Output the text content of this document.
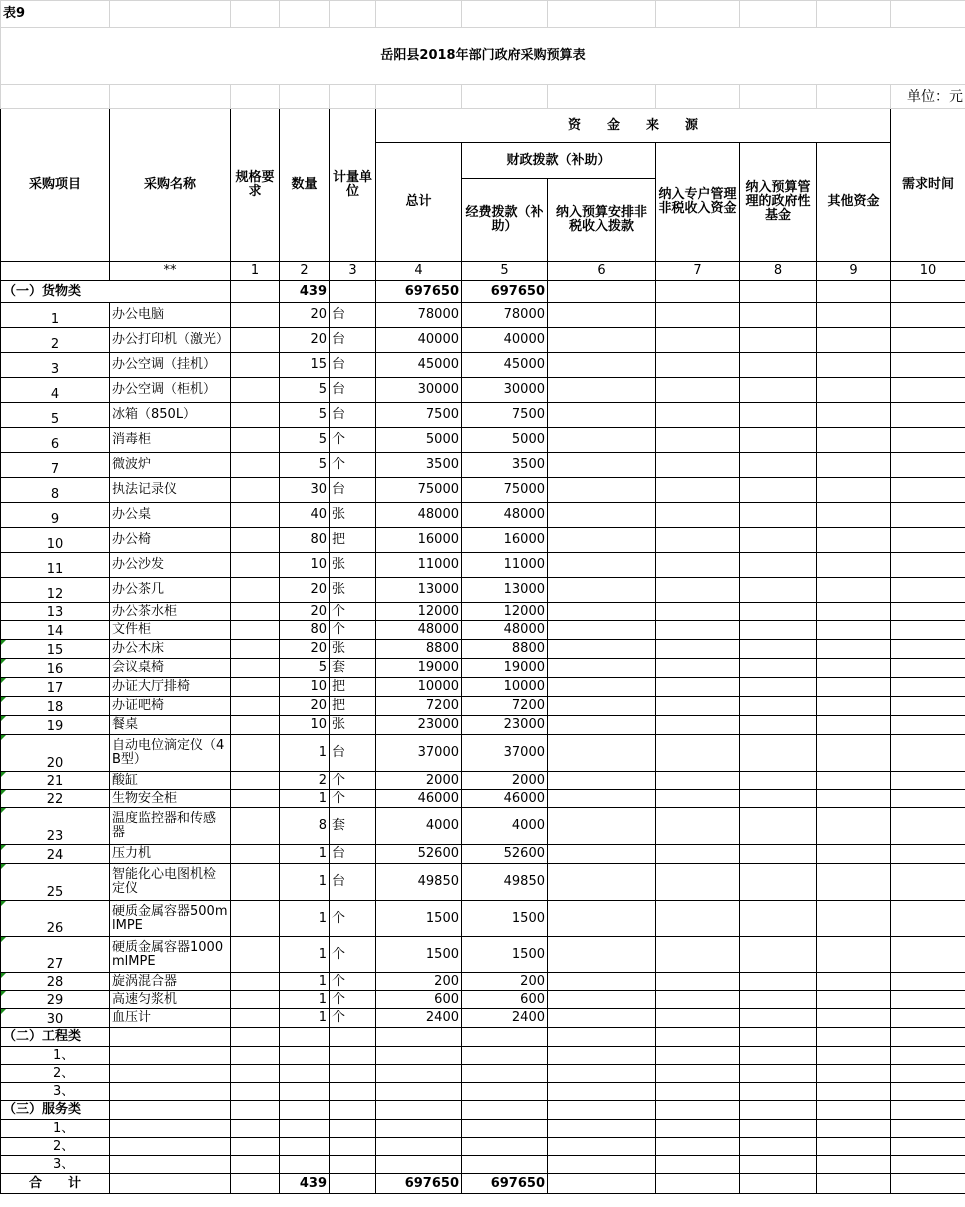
表9											
岳阳县2018年部门政府采购预算表											
											单位：元
采购项目	采购名称	规格要求	数量	计量单位	资　　金　　来　　源						需求时间
					总计	财政拨款（补助）		纳入专户管理非税收入资金	纳入预算管理的政府性基金	其他资金	
						经费拨款（补助）	纳入预算安排非税收入拨款				
	**	1	2	3	4	5	6	7	8	9	10
（一）货物类			439		697650	697650					
1	办公电脑		20	台	78000	78000					
2	办公打印机（激光）		20	台	40000	40000					
3	办公空调（挂机）		15	台	45000	45000					
4	办公空调（柜机）		5	台	30000	30000					
5	冰箱（850L）		5	台	7500	7500					
6	消毒柜		5	个	5000	5000					
7	微波炉		5	个	3500	3500					
8	执法记录仪		30	台	75000	75000					
9	办公桌		40	张	48000	48000					
10	办公椅		80	把	16000	16000					
11	办公沙发		10	张	11000	11000					
12	办公茶几		20	张	13000	13000					
13	办公茶水柜		20	个	12000	12000					
14	文件柜		80	个	48000	48000					
15	办公木床		20	张	8800	8800					
16	会议桌椅		5	套	19000	19000					
17	办证大厅排椅		10	把	10000	10000					
18	办证吧椅		20	把	7200	7200					
19	餐桌		10	张	23000	23000					
20	自动电位滴定仪（4B型）		1	台	37000	37000					
21	酸缸		2	个	2000	2000					
22	生物安全柜		1	个	46000	46000					
23	温度监控器和传感器		8	套	4000	4000					
24	压力机		1	台	52600	52600					
25	智能化心电图机检定仪		1	台	49850	49850					
26	硬质金属容器500mlMPE		1	个	1500	1500					
27	硬质金属容器1000mlMPE		1	个	1500	1500					
28	旋涡混合器		1	个	200	200					
29	高速匀浆机		1	个	600	600					
30	血压计		1	个	2400	2400					
（二）工程类											
1、											
2、											
3、											
（三）服务类											
1、											
2、											
3、											
合　　计			439		697650	697650					
